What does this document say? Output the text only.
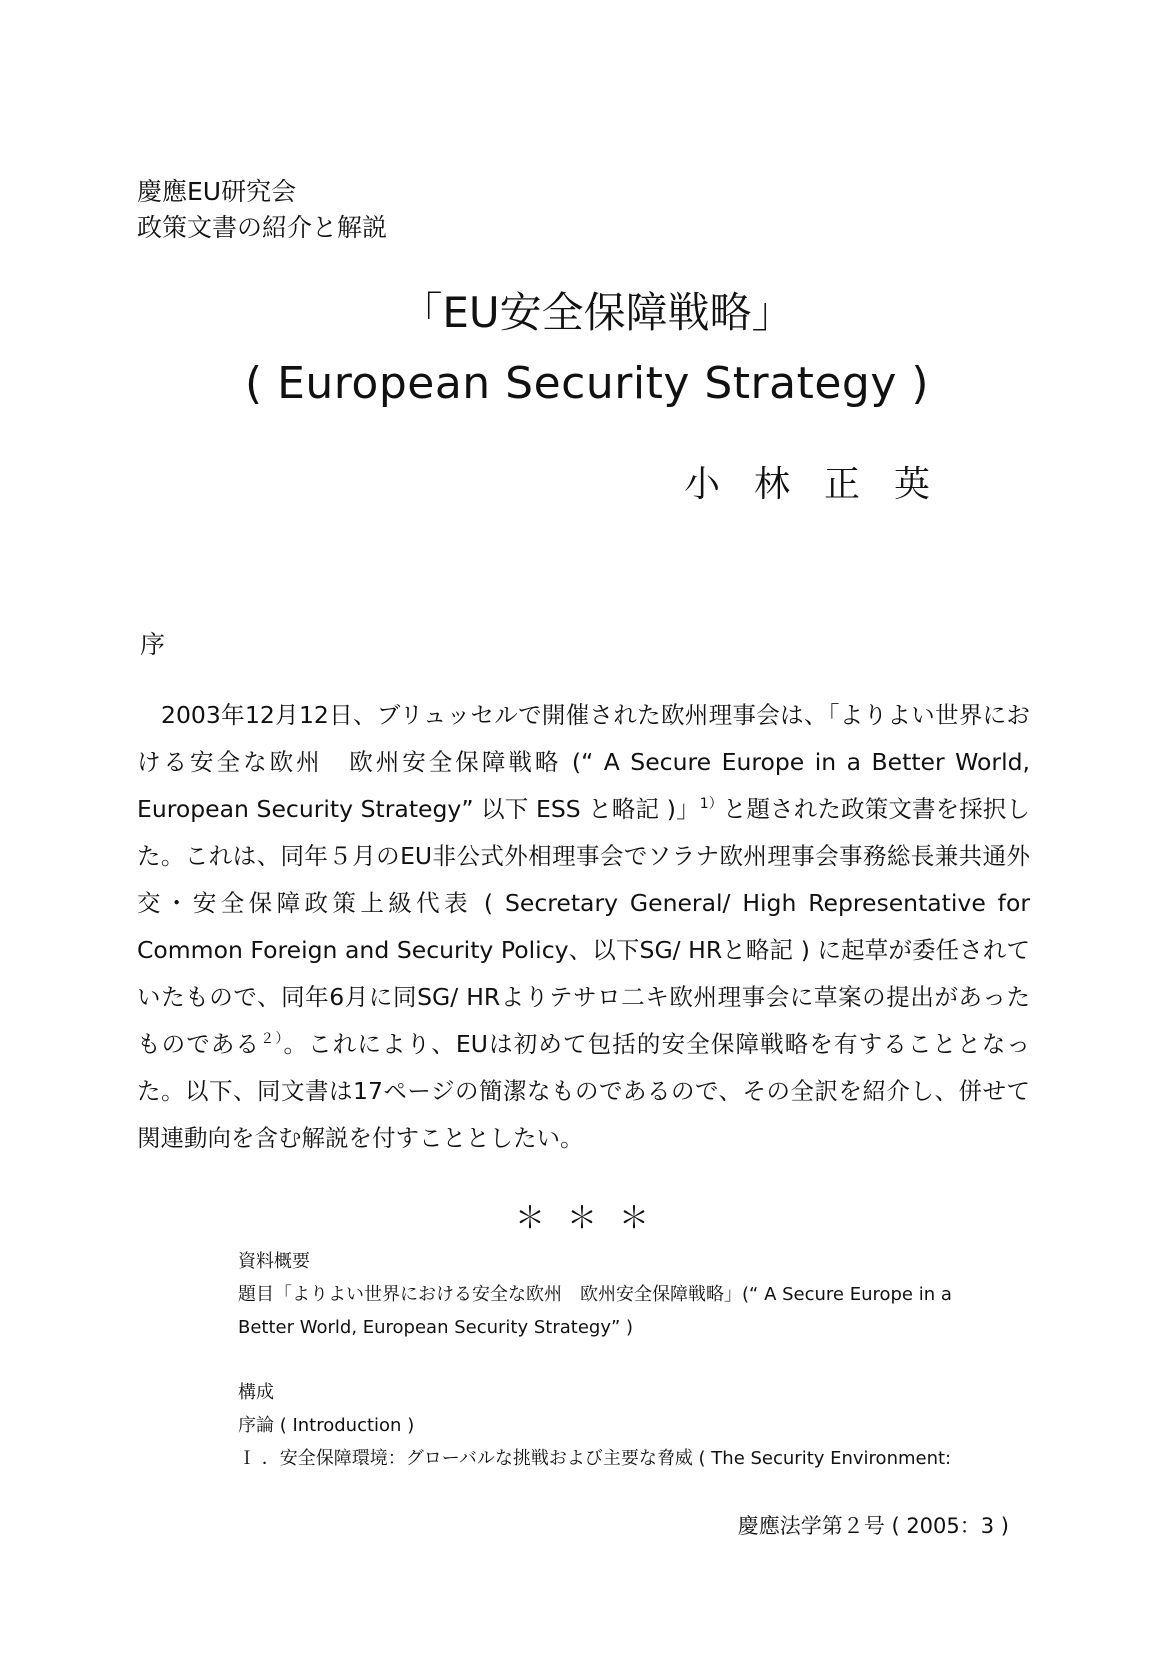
慶應EU研究会
政策文書の紹介と解説
「EU安全保障戦略」
( European Security Strategy )
小林正英
序

2003年12月12日、ブリュッセルで開催された欧州理事会は、「よりよい世界における安全な欧州　欧州安全保障戦略 (“ A Secure Europe in a Better World, European Security Strategy” 以下 ESS と略記 )」$^{1)}$と題された政策文書を採択した。これは、同年５月のEU非公式外相理事会でソラナ欧州理事会事務総長兼共通外交・安全保障政策上級代表 ( Secretary General/ High Representative for Common Foreign and Security Policy、以下SG/ HRと略記 ) に起草が委任されていたもので、同年6月に同SG/ HRよりテサロ二キ欧州理事会に草案の提出があったものである$^{2)}$。これにより、EUは初めて包括的安全保障戦略を有することとなった。以下、同文書は17ページの簡潔なものであるので、その全訳を紹介し、併せて関連動向を含む解説を付すこととしたい。

＊＊＊
資料概要
題目「よりよい世界における安全な欧州　欧州安全保障戦略」(“ A Secure Europe in a Better World, European Security Strategy” )
構成
序論 ( Introduction )
Ｉ ．安全保障環境：グローバルな挑戦および主要な脅威 ( The Security Environment:
慶應法学第２号 ( 2005：3 )
